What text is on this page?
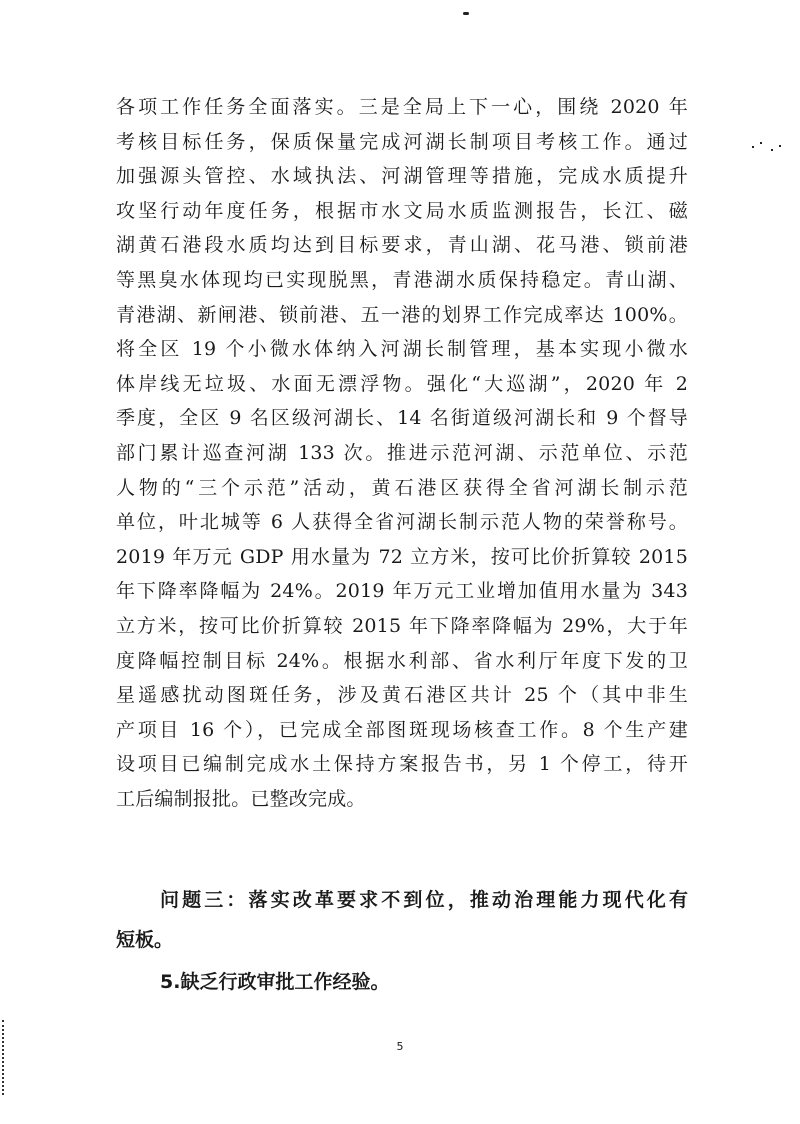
各项工作任务全面落实。三是全局上下一心，围绕 2020 年
考核目标任务，保质保量完成河湖长制项目考核工作。通过
加强源头管控、水域执法、河湖管理等措施，完成水质提升
攻坚行动年度任务，根据市水文局水质监测报告，长江、磁
湖黄石港段水质均达到目标要求，青山湖、花马港、锁前港
等黑臭水体现均已实现脱黑，青港湖水质保持稳定。青山湖、
青港湖、新闸港、锁前港、五一港的划界工作完成率达 100%。
将全区 19 个小微水体纳入河湖长制管理，基本实现小微水
体岸线无垃圾、水面无漂浮物。强化“大巡湖”，2020 年 2
季度，全区 9 名区级河湖长、14 名街道级河湖长和 9 个督导
部门累计巡查河湖 133 次。推进示范河湖、示范单位、示范
人物的“三个示范”活动，黄石港区获得全省河湖长制示范
单位，叶北城等 6 人获得全省河湖长制示范人物的荣誉称号。
2019 年万元 GDP 用水量为 72 立方米，按可比价折算较 2015
年下降率降幅为 24%。2019 年万元工业增加值用水量为 343
立方米，按可比价折算较 2015 年下降率降幅为 29%，大于年
度降幅控制目标 24%。根据水利部、省水利厅年度下发的卫
星遥感扰动图斑任务，涉及黄石港区共计 25 个（其中非生
产项目 16 个），已完成全部图斑现场核查工作。8 个生产建
设项目已编制完成水土保持方案报告书，另 1 个停工，待开
工后编制报批。已整改完成。
问题三：落实改革要求不到位，推动治理能力现代化有
短板。
5.缺乏行政审批工作经验。
5
